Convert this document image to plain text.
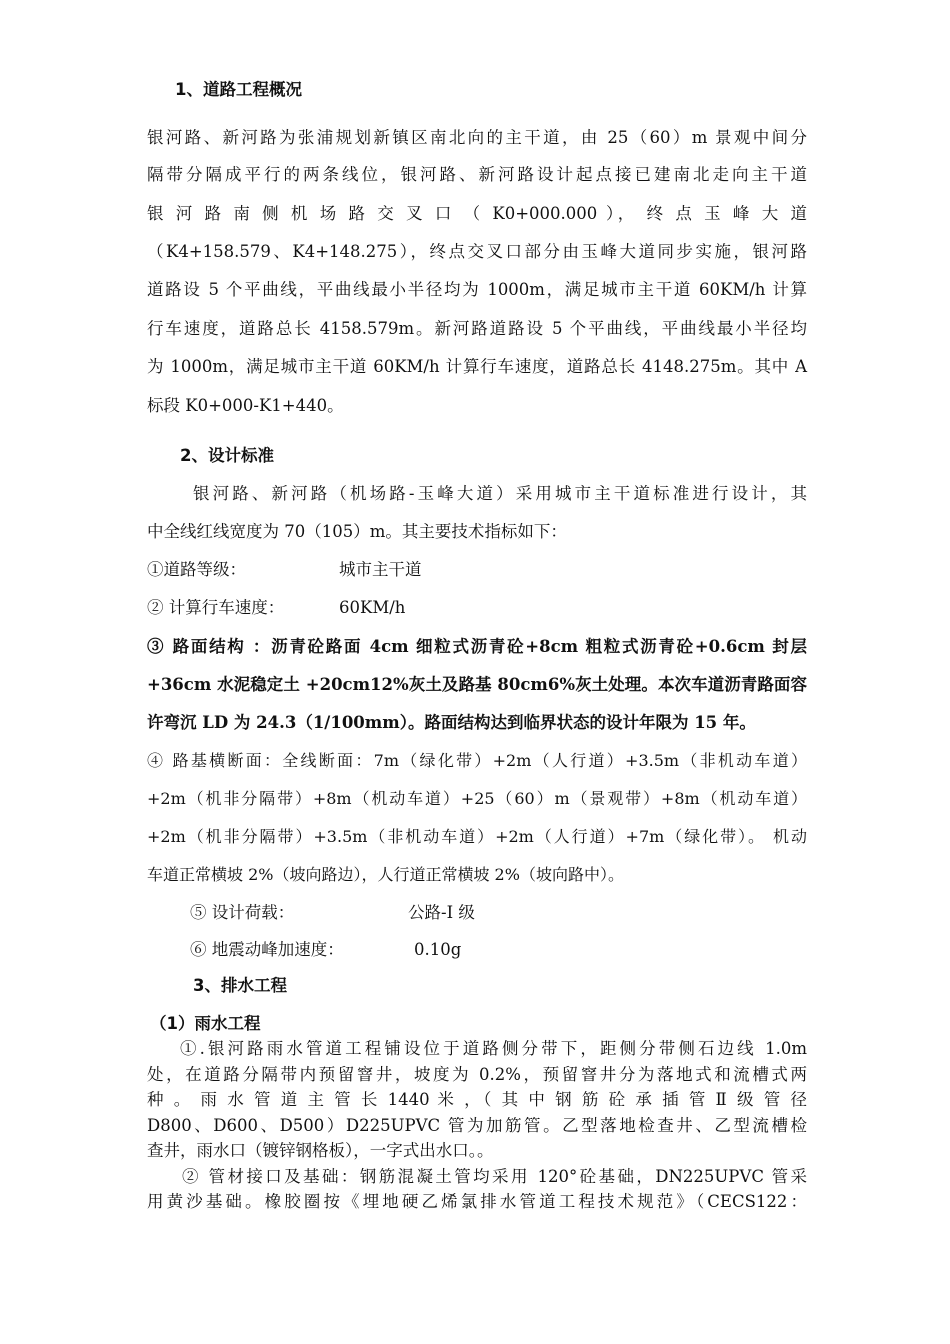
1、道路工程概况
银河路、新河路为张浦规划新镇区南北向的主干道，由 25（60）m 景观中间分
隔带分隔成平行的两条线位，银河路、新河路设计起点接已建南北走向主干道
银 河 路 南 侧 机 场 路 交 叉 口 （ K0+000.000 ）， 终 点 玉 峰 大 道
（K4+158.579、K4+148.275），终点交叉口部分由玉峰大道同步实施，银河路
道路设 5 个平曲线，平曲线最小半径均为 1000m，满足城市主干道 60KM/h 计算
行车速度，道路总长 4158.579m。新河路道路设 5 个平曲线，平曲线最小半径均
为 1000m，满足城市主干道 60KM/h 计算行车速度，道路总长 4148.275m。其中 A
标段 K0+000-K1+440。
2、设计标准
银河路、新河路（机场路-玉峰大道）采用城市主干道标准进行设计，其
中全线红线宽度为 70（105）m。其主要技术指标如下：
①道路等级：	城市主干道
② 计算行车速度：	60KM/h
③ 路面结构 ：沥青砼路面 4cm 细粒式沥青砼+8cm 粗粒式沥青砼+0.6cm 封层
+36cm 水泥稳定土 +20cm12%灰土及路基 80cm6%灰土处理。本次车道沥青路面容
许弯沉 LD 为 24.3（1/100mm）。路面结构达到临界状态的设计年限为 15 年。
④ 路基横断面：全线断面：7m（绿化带）+2m（人行道）+3.5m（非机动车道）
+2m（机非分隔带）+8m（机动车道）+25（60）m（景观带）+8m（机动车道）
+2m（机非分隔带）+3.5m（非机动车道）+2m（人行道）+7m（绿化带）。 机动
车道正常横坡 2%（坡向路边），人行道正常横坡 2%（坡向路中）。
⑤ 设计荷载：	公路-Ⅰ 级
⑥ 地震动峰加速度：	0.10g
3、排水工程
（1）雨水工程
①.银河路雨水管道工程铺设位于道路侧分带下，距侧分带侧石边线 1.0m
处，在道路分隔带内预留窨井，坡度为 0.2%，预留窨井分为落地式和流槽式两
种 。 雨 水 管 道 主 管 长 1440 米 ，（ 其 中 钢 筋 砼 承 插 管 Ⅱ 级 管 径
D800、D600、D500）D225UPVC 管为加筋管。乙型落地检查井、乙型流槽检
查井，雨水口（镀锌钢格板），一字式出水口。。
② 管材接口及基础：钢筋混凝土管均采用 120°砼基础，DN225UPVC 管采
用黄沙基础。橡胶圈按《埋地硬乙烯氯排水管道工程技术规范》（CECS122：
